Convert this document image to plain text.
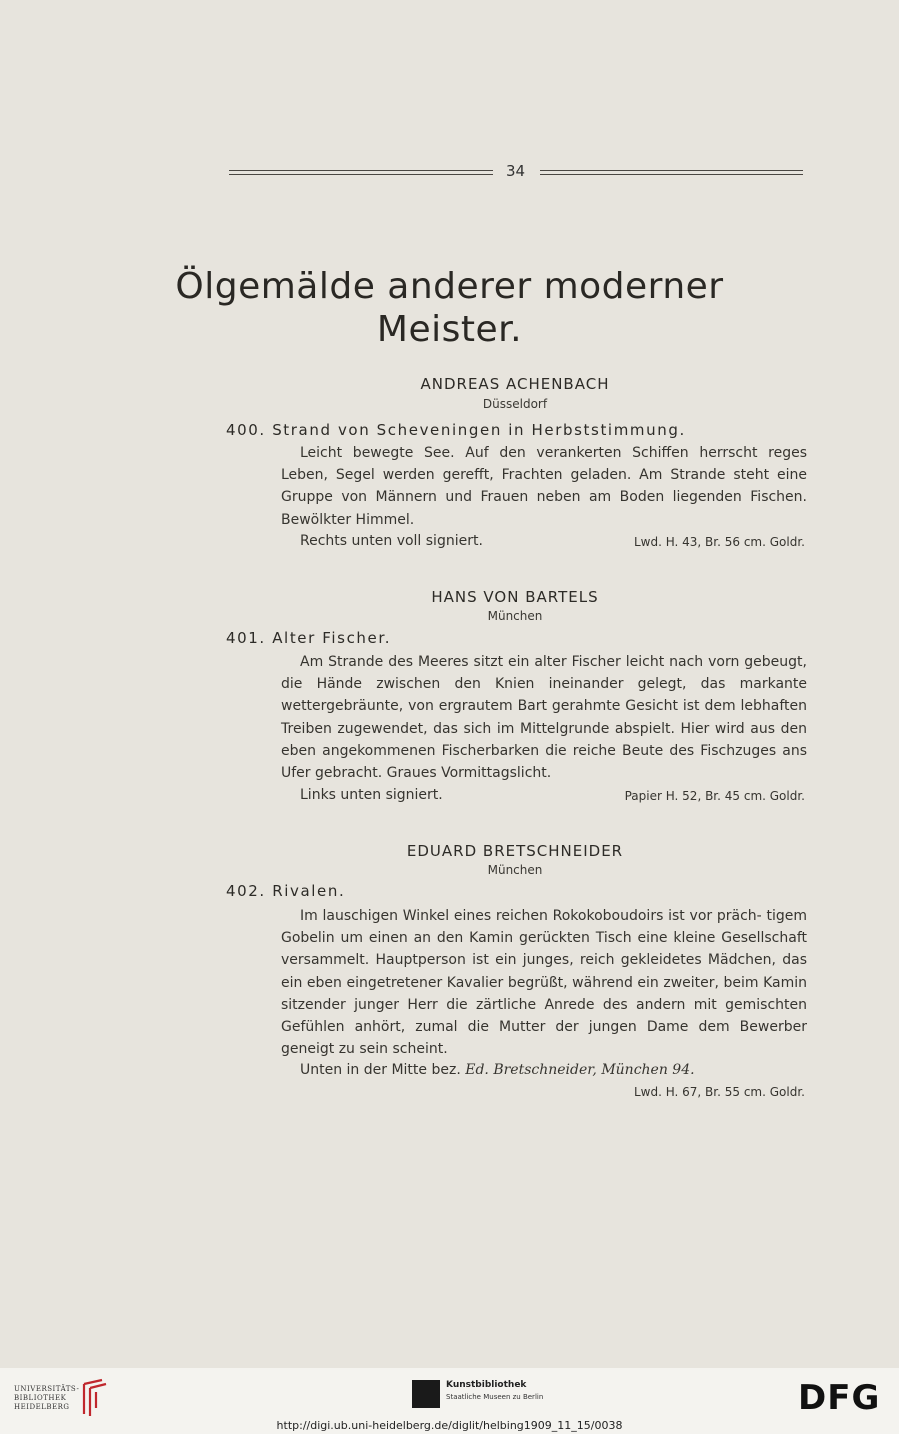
34
Ölgemälde anderer moderner
Meister.
ANDREAS ACHENBACH
Düsseldorf
400. Strand von Scheveningen in Herbststimmung.
Leicht bewegte See. Auf den verankerten Schiffen herrscht reges Leben, Segel werden gerefft, Frachten geladen. Am Strande steht eine Gruppe von Männern und Frauen neben am Boden liegenden Fischen. Bewölkter Himmel.
Rechts unten voll signiert.	Lwd. H. 43, Br. 56 cm. Goldr.
HANS VON BARTELS
München
401. Alter Fischer.
Am Strande des Meeres sitzt ein alter Fischer leicht nach vorn gebeugt, die Hände zwischen den Knien ineinander gelegt, das markante wettergebräunte, von ergrautem Bart gerahmte Gesicht ist dem lebhaften Treiben zugewendet, das sich im Mittelgrunde abspielt. Hier wird aus den eben angekommenen Fischerbarken die reiche Beute des Fischzuges ans Ufer gebracht. Graues Vormittagslicht.
Links unten signiert.	Papier H. 52, Br. 45 cm. Goldr.
EDUARD BRETSCHNEIDER
München
402. Rivalen.
Im lauschigen Winkel eines reichen Rokokoboudoirs ist vor präch- tigem Gobelin um einen an den Kamin gerückten Tisch eine kleine Gesellschaft versammelt. Hauptperson ist ein junges, reich gekleidetes Mädchen, das ein eben eingetretener Kavalier begrüßt, während ein zweiter, beim Kamin sitzender junger Herr die zärtliche Anrede des andern mit gemischten Gefühlen anhört, zumal die Mutter der jungen Dame dem Bewerber geneigt zu sein scheint.
Unten in der Mitte bez. Ed. Bretschneider, München 94.
Lwd. H. 67, Br. 55 cm. Goldr.
UNIVERSITÄTS-
BIBLIOTHEK
HEIDELBERG
Kunstbibliothek
Staatliche Museen zu Berlin	DFG
http://digi.ub.uni-heidelberg.de/diglit/helbing1909_11_15/0038
